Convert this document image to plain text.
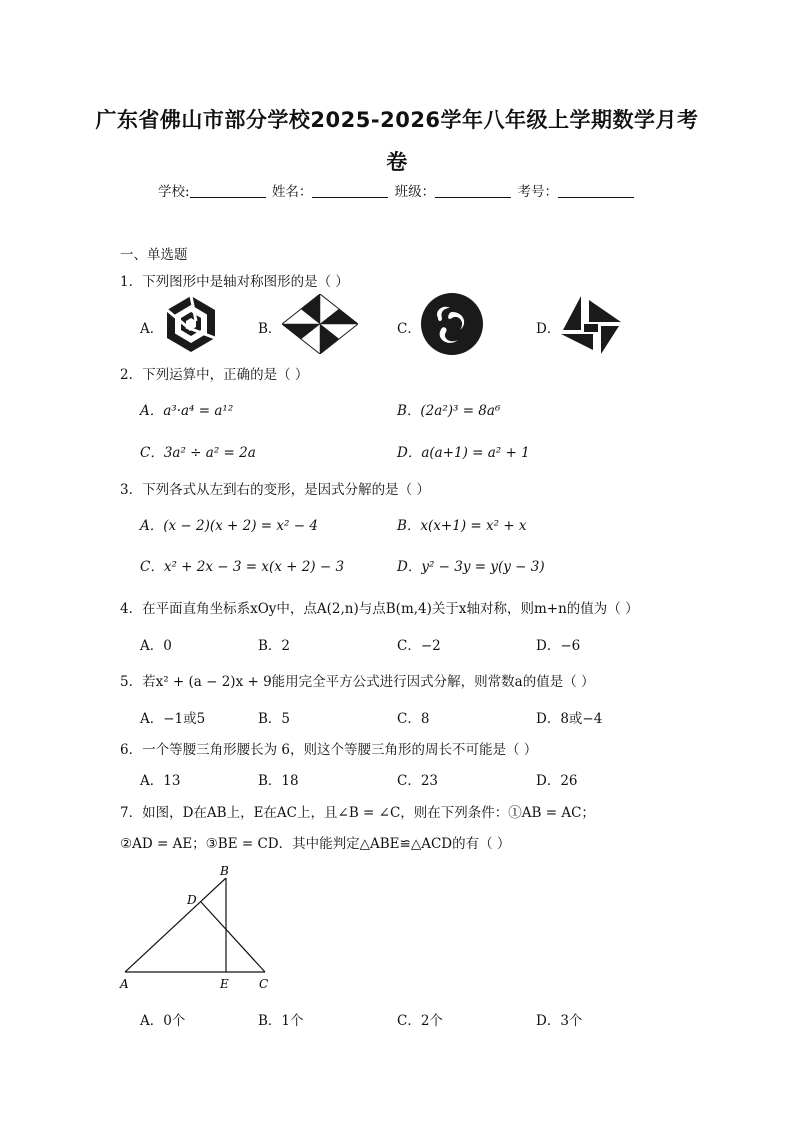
广东省佛山市部分学校2025-2026学年八年级上学期数学月考
卷
学校:	姓名：	班级：	考号：
一、单选题
1．下列图形中是轴对称图形的是（ ）
A．	B．	C．	D．
2．下列运算中，正确的是（ ）
A．a³·a⁴ = a¹²	B．(2a²)³ = 8a⁶
C．3a² ÷ a² = 2a	D．a(a+1) = a² + 1
3．下列各式从左到右的变形，是因式分解的是（ ）
A．(x − 2)(x + 2) = x² − 4	B．x(x+1) = x² + x
C．x² + 2x − 3 = x(x + 2) − 3	D．y² − 3y = y(y − 3)
4．在平面直角坐标系xOy中，点A(2,n)与点B(m,4)关于x轴对称，则m+n的值为（ ）
A．0	B．2	C．−2	D．−6
5．若x² + (a − 2)x + 9能用完全平方公式进行因式分解，则常数a的值是（ ）
A．−1或5	B．5	C．8	D．8或−4
6．一个等腰三角形腰长为 6，则这个等腰三角形的周长不可能是（ ）
A．13	B．18	C．23	D．26
7．如图，D在AB上，E在AC上，且∠B = ∠C，则在下列条件：①AB = AC；
②AD = AE；③BE = CD．其中能判定△ABE≌△ACD的有（ ）
B
D
A	E	C
A．0个	B．1个	C．2个	D．3个
